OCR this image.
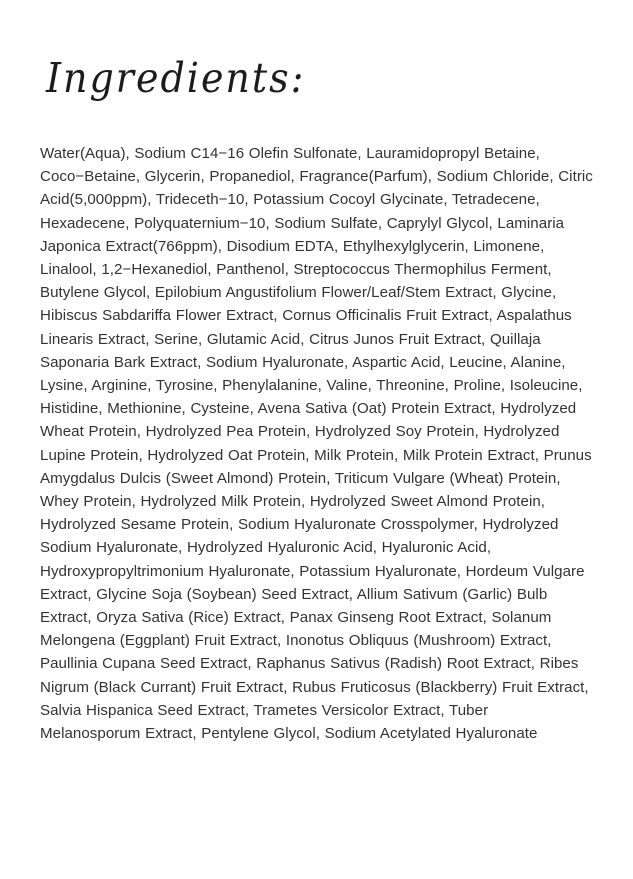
Ingredients:

Water(Aqua), Sodium C14−16 Olefin Sulfonate, Lauramidopropyl Betaine, Coco−Betaine, Glycerin, Propanediol, Fragrance(Parfum), Sodium Chloride, Citric Acid(5,000ppm), Trideceth−10, Potassium Cocoyl Glycinate, Tetradecene, Hexadecene, Polyquaternium−10, Sodium Sulfate, Caprylyl Glycol, Laminaria Japonica Extract(766ppm), Disodium EDTA, Ethylhexylglycerin, Limonene, Linalool, 1,2−Hexanediol, Panthenol, Streptococcus Thermophilus Ferment, Butylene Glycol, Epilobium Angustifolium Flower/Leaf/Stem Extract, Glycine, Hibiscus Sabdariffa Flower Extract, Cornus Officinalis Fruit Extract, Aspalathus Linearis Extract, Serine, Glutamic Acid, Citrus Junos Fruit Extract, Quillaja Saponaria Bark Extract, Sodium Hyaluronate, Aspartic Acid, Leucine, Alanine, Lysine, Arginine, Tyrosine, Phenylalanine, Valine, Threonine, Proline, Isoleucine, Histidine, Methionine, Cysteine, Avena Sativa (Oat) Protein Extract, Hydrolyzed Wheat Protein, Hydrolyzed Pea Protein, Hydrolyzed Soy Protein, Hydrolyzed Lupine Protein, Hydrolyzed Oat Protein, Milk Protein, Milk Protein Extract, Prunus Amygdalus Dulcis (Sweet Almond) Protein, Triticum Vulgare (Wheat) Protein, Whey Protein, Hydrolyzed Milk Protein, Hydrolyzed Sweet Almond Protein, Hydrolyzed Sesame Protein, Sodium Hyaluronate Crosspolymer, Hydrolyzed Sodium Hyaluronate, Hydrolyzed Hyaluronic Acid, Hyaluronic Acid, Hydroxypropyltrimonium Hyaluronate, Potassium Hyaluronate, Hordeum Vulgare Extract, Glycine Soja (Soybean) Seed Extract, Allium Sativum (Garlic) Bulb Extract, Oryza Sativa (Rice) Extract, Panax Ginseng Root Extract, Solanum Melongena (Eggplant) Fruit Extract, Inonotus Obliquus (Mushroom) Extract, Paullinia Cupana Seed Extract, Raphanus Sativus (Radish) Root Extract, Ribes Nigrum (Black Currant) Fruit Extract, Rubus Fruticosus (Blackberry) Fruit Extract, Salvia Hispanica Seed Extract, Trametes Versicolor Extract, Tuber Melanosporum Extract, Pentylene Glycol, Sodium Acetylated Hyaluronate
